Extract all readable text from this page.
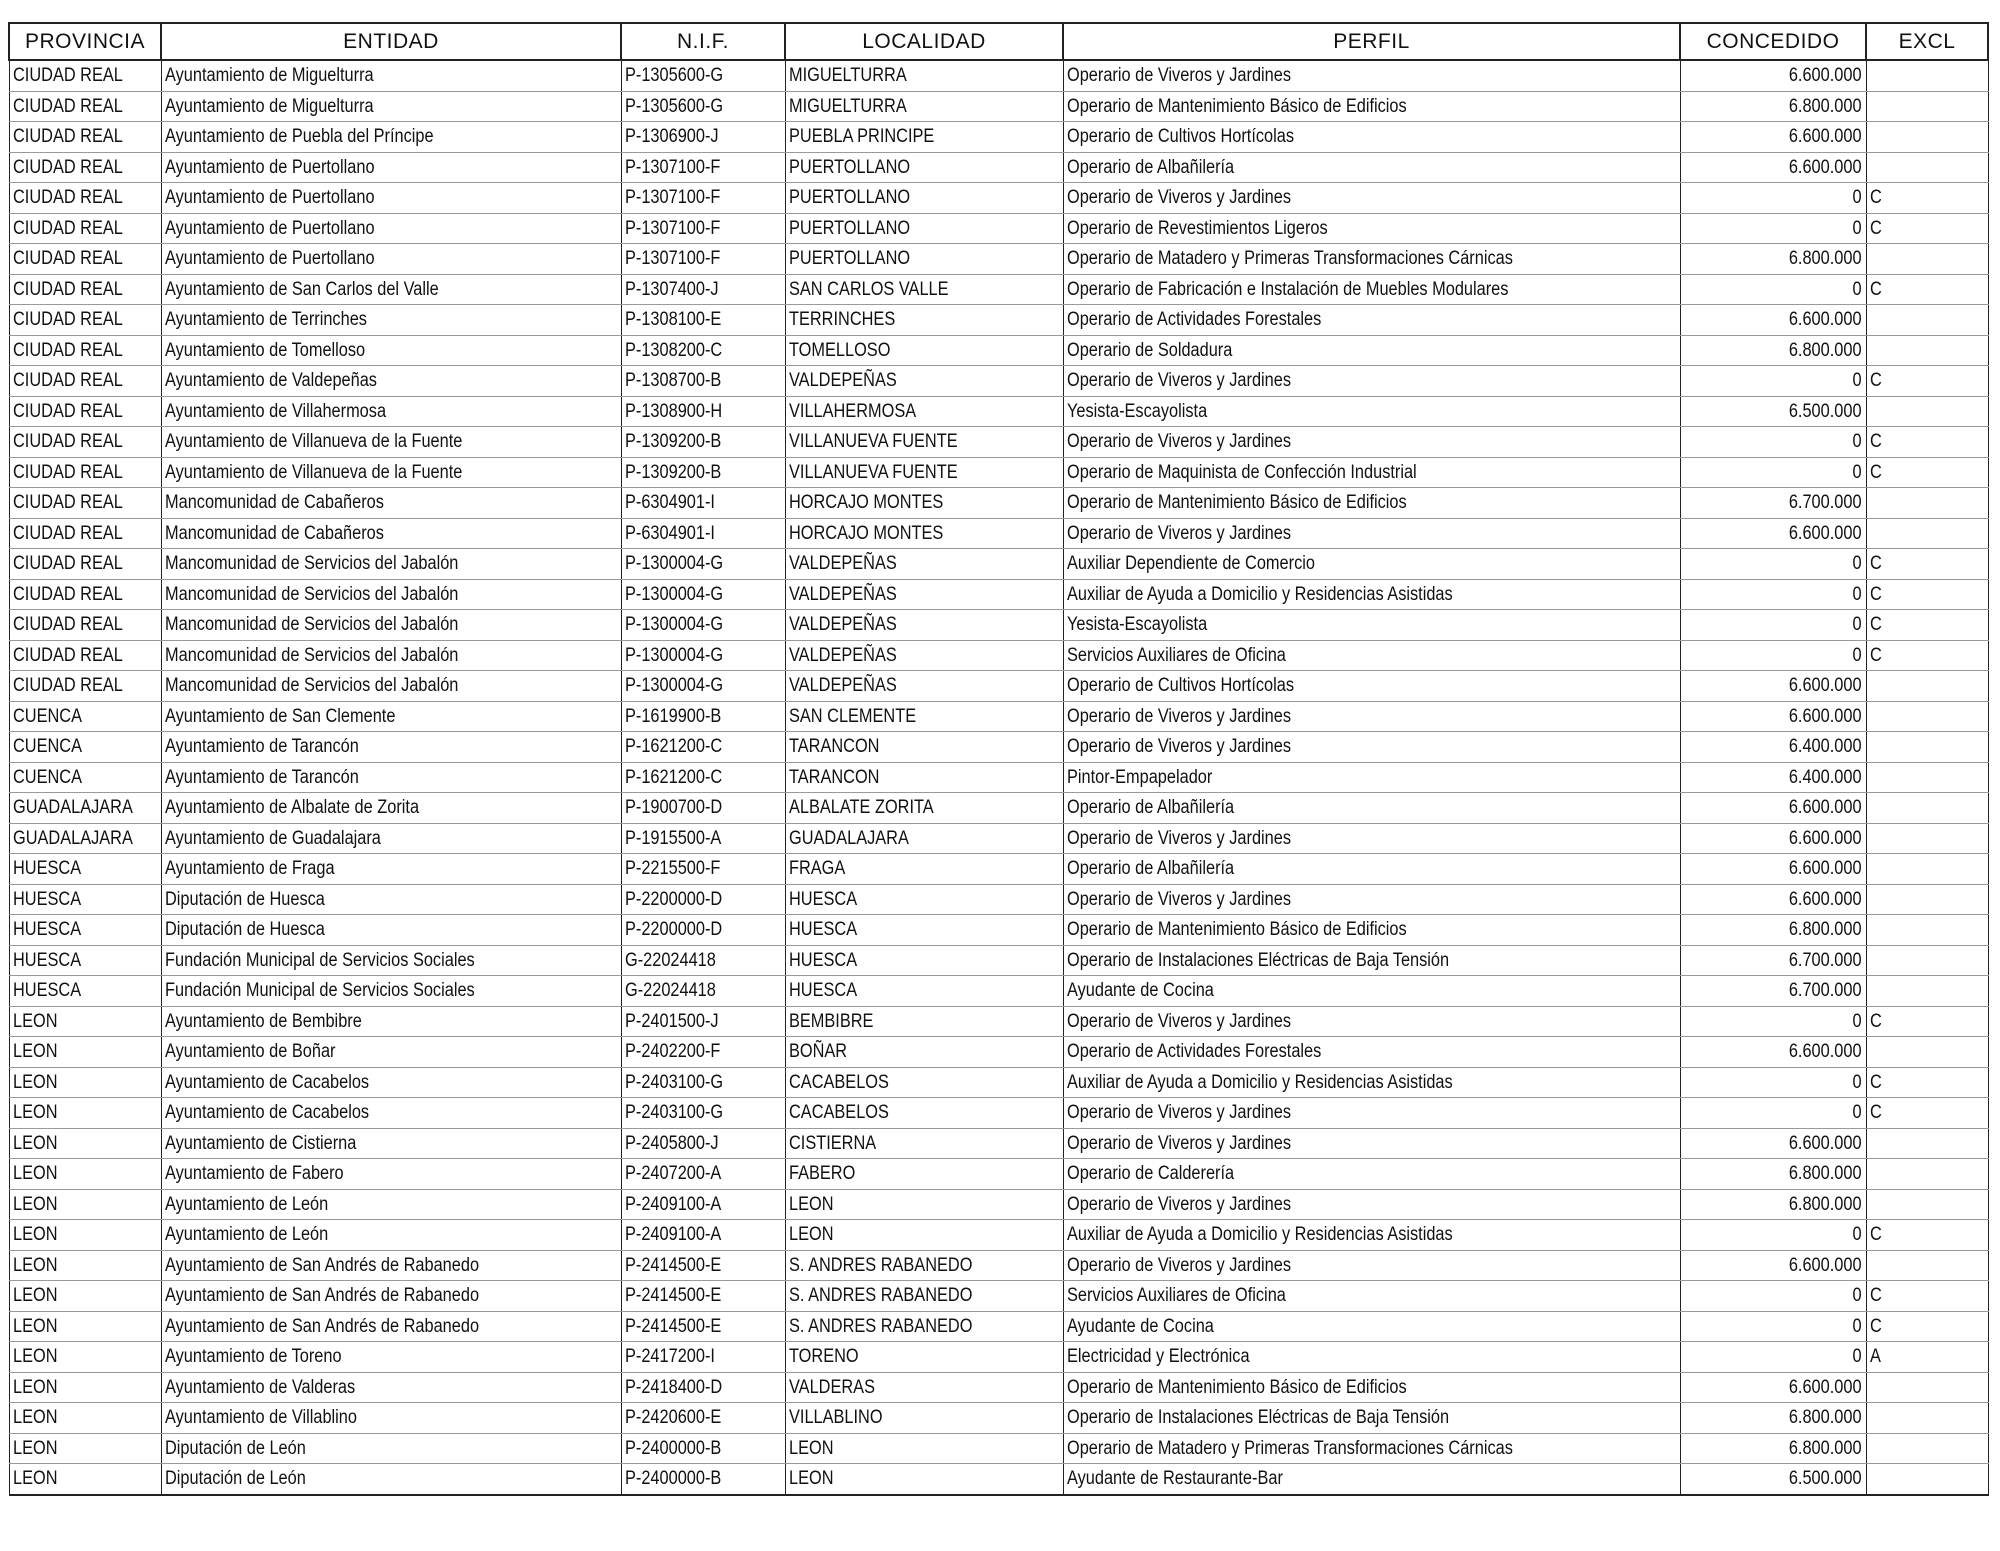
PROVINCIA	ENTIDAD	N.I.F.	LOCALIDAD	PERFIL	CONCEDIDO	EXCL
CIUDAD REAL	Ayuntamiento de Miguelturra	P-1305600-G	MIGUELTURRA	Operario de Viveros y Jardines	6.600.000	
CIUDAD REAL	Ayuntamiento de Miguelturra	P-1305600-G	MIGUELTURRA	Operario de Mantenimiento Básico de Edificios	6.800.000	
CIUDAD REAL	Ayuntamiento de Puebla del Príncipe	P-1306900-J	PUEBLA PRINCIPE	Operario de Cultivos Hortícolas	6.600.000	
CIUDAD REAL	Ayuntamiento de Puertollano	P-1307100-F	PUERTOLLANO	Operario de Albañilería	6.600.000	
CIUDAD REAL	Ayuntamiento de Puertollano	P-1307100-F	PUERTOLLANO	Operario de Viveros y Jardines	0	C
CIUDAD REAL	Ayuntamiento de Puertollano	P-1307100-F	PUERTOLLANO	Operario de Revestimientos Ligeros	0	C
CIUDAD REAL	Ayuntamiento de Puertollano	P-1307100-F	PUERTOLLANO	Operario de Matadero y Primeras Transformaciones Cárnicas	6.800.000	
CIUDAD REAL	Ayuntamiento de San Carlos del Valle	P-1307400-J	SAN CARLOS VALLE	Operario de Fabricación e Instalación de Muebles Modulares	0	C
CIUDAD REAL	Ayuntamiento de Terrinches	P-1308100-E	TERRINCHES	Operario de Actividades Forestales	6.600.000	
CIUDAD REAL	Ayuntamiento de Tomelloso	P-1308200-C	TOMELLOSO	Operario de Soldadura	6.800.000	
CIUDAD REAL	Ayuntamiento de Valdepeñas	P-1308700-B	VALDEPEÑAS	Operario de Viveros y Jardines	0	C
CIUDAD REAL	Ayuntamiento de Villahermosa	P-1308900-H	VILLAHERMOSA	Yesista-Escayolista	6.500.000	
CIUDAD REAL	Ayuntamiento de Villanueva de la Fuente	P-1309200-B	VILLANUEVA FUENTE	Operario de Viveros y Jardines	0	C
CIUDAD REAL	Ayuntamiento de Villanueva de la Fuente	P-1309200-B	VILLANUEVA FUENTE	Operario de Maquinista de Confección Industrial	0	C
CIUDAD REAL	Mancomunidad de Cabañeros	P-6304901-I	HORCAJO MONTES	Operario de Mantenimiento Básico de Edificios	6.700.000	
CIUDAD REAL	Mancomunidad de Cabañeros	P-6304901-I	HORCAJO MONTES	Operario de Viveros y Jardines	6.600.000	
CIUDAD REAL	Mancomunidad de Servicios del Jabalón	P-1300004-G	VALDEPEÑAS	Auxiliar Dependiente de Comercio	0	C
CIUDAD REAL	Mancomunidad de Servicios del Jabalón	P-1300004-G	VALDEPEÑAS	Auxiliar de Ayuda a Domicilio y Residencias Asistidas	0	C
CIUDAD REAL	Mancomunidad de Servicios del Jabalón	P-1300004-G	VALDEPEÑAS	Yesista-Escayolista	0	C
CIUDAD REAL	Mancomunidad de Servicios del Jabalón	P-1300004-G	VALDEPEÑAS	Servicios Auxiliares de Oficina	0	C
CIUDAD REAL	Mancomunidad de Servicios del Jabalón	P-1300004-G	VALDEPEÑAS	Operario de Cultivos Hortícolas	6.600.000	
CUENCA	Ayuntamiento de San Clemente	P-1619900-B	SAN CLEMENTE	Operario de Viveros y Jardines	6.600.000	
CUENCA	Ayuntamiento de Tarancón	P-1621200-C	TARANCON	Operario de Viveros y Jardines	6.400.000	
CUENCA	Ayuntamiento de Tarancón	P-1621200-C	TARANCON	Pintor-Empapelador	6.400.000	
GUADALAJARA	Ayuntamiento de Albalate de Zorita	P-1900700-D	ALBALATE ZORITA	Operario de Albañilería	6.600.000	
GUADALAJARA	Ayuntamiento de Guadalajara	P-1915500-A	GUADALAJARA	Operario de Viveros y Jardines	6.600.000	
HUESCA	Ayuntamiento de Fraga	P-2215500-F	FRAGA	Operario de Albañilería	6.600.000	
HUESCA	Diputación de Huesca	P-2200000-D	HUESCA	Operario de Viveros y Jardines	6.600.000	
HUESCA	Diputación de Huesca	P-2200000-D	HUESCA	Operario de Mantenimiento Básico de Edificios	6.800.000	
HUESCA	Fundación Municipal de Servicios Sociales	G-22024418	HUESCA	Operario de Instalaciones Eléctricas de Baja Tensión	6.700.000	
HUESCA	Fundación Municipal de Servicios Sociales	G-22024418	HUESCA	Ayudante de Cocina	6.700.000	
LEON	Ayuntamiento de Bembibre	P-2401500-J	BEMBIBRE	Operario de Viveros y Jardines	0	C
LEON	Ayuntamiento de Boñar	P-2402200-F	BOÑAR	Operario de Actividades Forestales	6.600.000	
LEON	Ayuntamiento de Cacabelos	P-2403100-G	CACABELOS	Auxiliar de Ayuda a Domicilio y Residencias Asistidas	0	C
LEON	Ayuntamiento de Cacabelos	P-2403100-G	CACABELOS	Operario de Viveros y Jardines	0	C
LEON	Ayuntamiento de Cistierna	P-2405800-J	CISTIERNA	Operario de Viveros y Jardines	6.600.000	
LEON	Ayuntamiento de Fabero	P-2407200-A	FABERO	Operario de Calderería	6.800.000	
LEON	Ayuntamiento de León	P-2409100-A	LEON	Operario de Viveros y Jardines	6.800.000	
LEON	Ayuntamiento de León	P-2409100-A	LEON	Auxiliar de Ayuda a Domicilio y Residencias Asistidas	0	C
LEON	Ayuntamiento de San Andrés de Rabanedo	P-2414500-E	S. ANDRES RABANEDO	Operario de Viveros y Jardines	6.600.000	
LEON	Ayuntamiento de San Andrés de Rabanedo	P-2414500-E	S. ANDRES RABANEDO	Servicios Auxiliares de Oficina	0	C
LEON	Ayuntamiento de San Andrés de Rabanedo	P-2414500-E	S. ANDRES RABANEDO	Ayudante de Cocina	0	C
LEON	Ayuntamiento de Toreno	P-2417200-I	TORENO	Electricidad y Electrónica	0	A
LEON	Ayuntamiento de Valderas	P-2418400-D	VALDERAS	Operario de Mantenimiento Básico de Edificios	6.600.000	
LEON	Ayuntamiento de Villablino	P-2420600-E	VILLABLINO	Operario de Instalaciones Eléctricas de Baja Tensión	6.800.000	
LEON	Diputación de León	P-2400000-B	LEON	Operario de Matadero y Primeras Transformaciones Cárnicas	6.800.000	
LEON	Diputación de León	P-2400000-B	LEON	Ayudante de Restaurante-Bar	6.500.000	
